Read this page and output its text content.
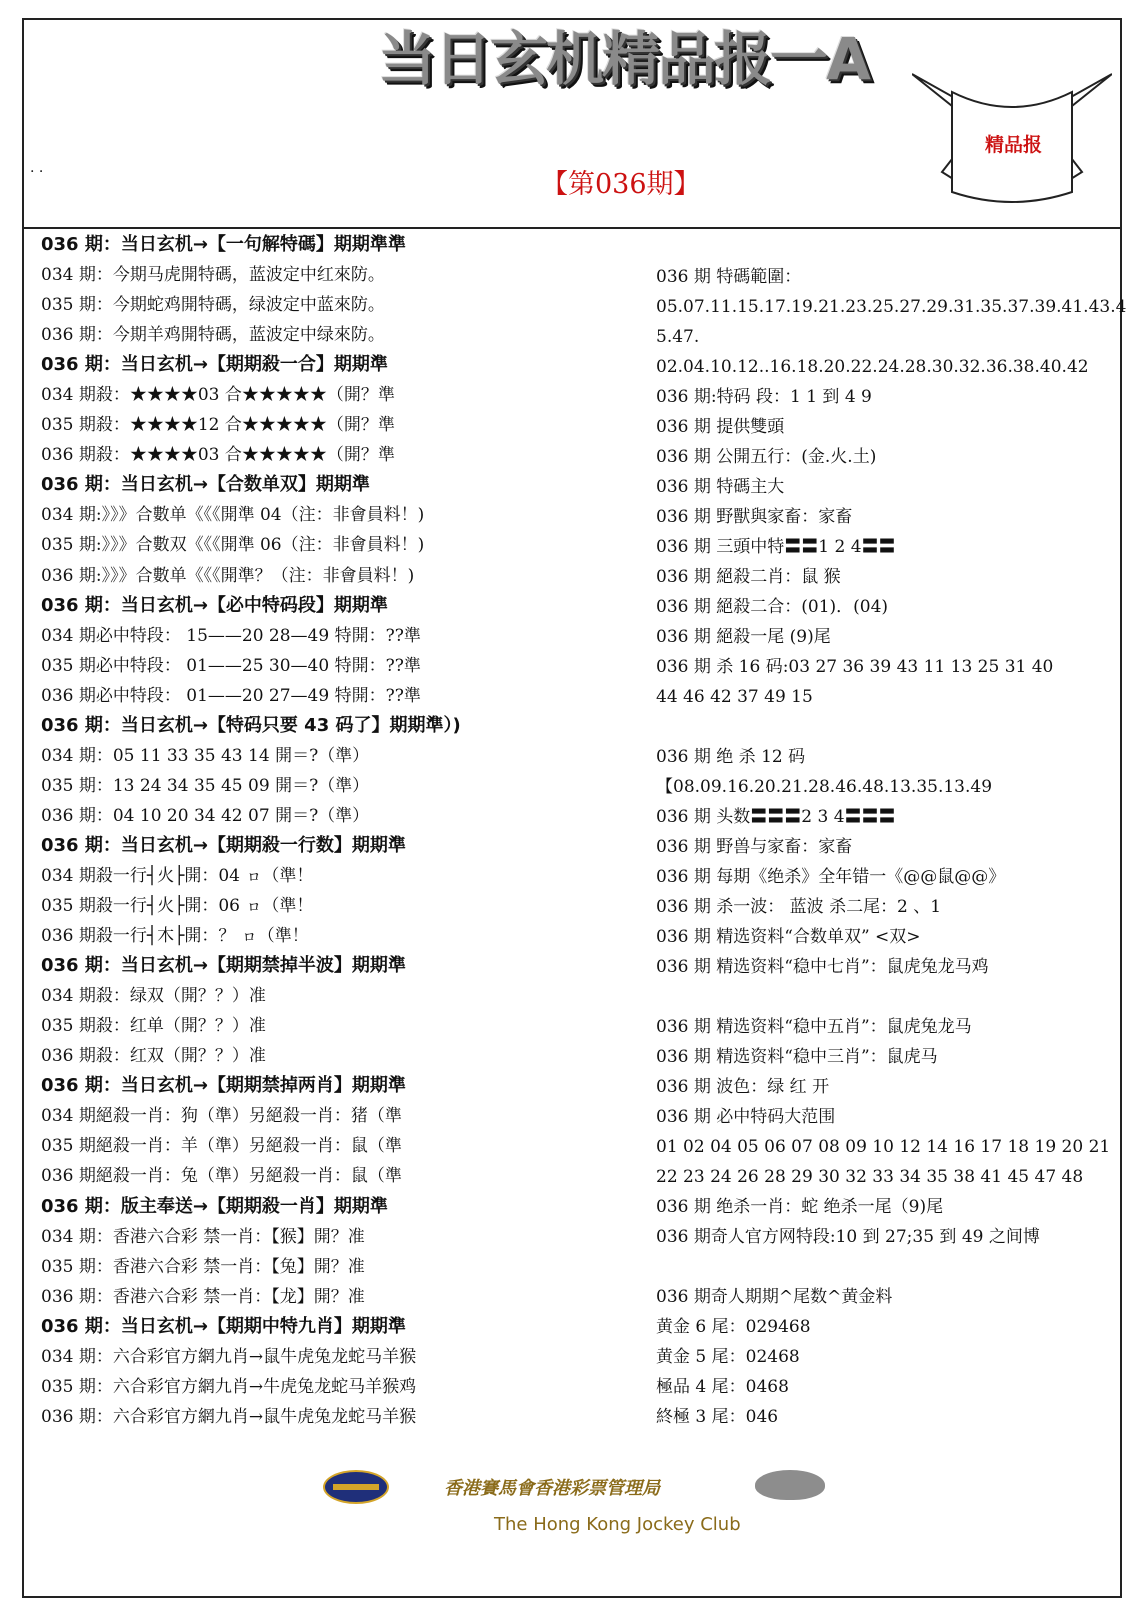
. .
当日玄机精品报一A
精品报
【第036期】
036 期：当日玄机→【一句解特碼】期期準準
034 期：今期马虎開特碼，蓝波定中红來防。
035 期：今期蛇鸡開特碼，绿波定中蓝來防。
036 期：今期羊鸡開特碼，蓝波定中绿來防。
036 期：当日玄机→【期期殺一合】期期準
034 期殺：★★★★03 合★★★★★（開？準
035 期殺：★★★★12 合★★★★★（開？準
036 期殺：★★★★03 合★★★★★（開？準
036 期：当日玄机→【合数单双】期期準
034 期:》》》合數单《《《開準 04（注：非會員料！)
035 期:》》》合數双《《《開準 06（注：非會員料！)
036 期:》》》合數单《《《開準？（注：非會員料！)
036 期：当日玄机→【必中特码段】期期準
034 期必中特段： 15——20 28—49 特開：??準
035 期必中特段： 01——25 30—40 特開：??準
036 期必中特段： 01——20 27—49 特開：??準
036 期：当日玄机→【特码只要 43 码了】期期準）)
034 期：05 11 33 35 43 14 開＝?（準）
035 期：13 24 34 35 45 09 開＝?（準）
036 期：04 10 20 34 42 07 開＝?（準）
036 期：当日玄机→【期期殺一行数】期期準
034 期殺一行┤火├開：04 ㇿ（準！
035 期殺一行┤火├開：06 ㇿ（準！
036 期殺一行┤木├開：？ ㇿ（準！
036 期：当日玄机→【期期禁掉半波】期期準
034 期殺：绿双（開？？）准
035 期殺：红单（開？？）准
036 期殺：红双（開？？）准
036 期：当日玄机→【期期禁掉两肖】期期準
034 期絕殺一肖：狗（準）另絕殺一肖：猪（準
035 期絕殺一肖：羊（準）另絕殺一肖：鼠（準
036 期絕殺一肖：兔（準）另絕殺一肖：鼠（準
036 期：版主奉送→【期期殺一肖】期期準
034 期：香港六合彩 禁一肖：【猴】開？准
035 期：香港六合彩 禁一肖：【兔】開？准
036 期：香港六合彩 禁一肖：【龙】開？准
036 期：当日玄机→【期期中特九肖】期期準
034 期：六合彩官方網九肖→鼠牛虎兔龙蛇马羊猴
035 期：六合彩官方網九肖→牛虎兔龙蛇马羊猴鸡
036 期：六合彩官方網九肖→鼠牛虎兔龙蛇马羊猴
036 期 特碼範圍：
05.07.11.15.17.19.21.23.25.27.29.31.35.37.39.41.43.4
5.47.
02.04.10.12..16.18.20.22.24.28.30.32.36.38.40.42
036 期:特码 段：1 1 到 4 9
036 期 提供雙頭
036 期 公開五行：(金.火.土)
036 期 特碼主大
036 期 野獸與家畜：家畜
036 期 三頭中特〓〓1 2 4〓〓
036 期 絕殺二肖：鼠 猴
036 期 絕殺二合：(01)．(04)
036 期 絕殺一尾 (9)尾
036 期 杀 16 码:03 27 36 39 43 11 13 25 31 40
44 46 42 37 49 15
036 期 绝 杀 12 码
【08.09.16.20.21.28.46.48.13.35.13.49
036 期 头数〓〓〓2 3 4〓〓〓
036 期 野兽与家畜：家畜
036 期 每期《绝杀》全年错一《@@鼠@@》
036 期 杀一波： 蓝波 杀二尾：2 、1
036 期 精选资料“合数单双” <双>
036 期 精选资料“稳中七肖”：鼠虎兔龙马鸡
036 期 精选资料“稳中五肖”：鼠虎兔龙马
036 期 精选资料“稳中三肖”：鼠虎马
036 期 波色：绿 红 开
036 期 必中特码大范围
01 02 04 05 06 07 08 09 10 12 14 16 17 18 19 20 21
22 23 24 26 28 29 30 32 33 34 35 38 41 45 47 48
036 期 绝杀一肖：蛇 绝杀一尾（9)尾
036 期奇人官方网特段:10 到 27;35 到 49 之间博
036 期奇人期期^尾数^黄金料
黄金 6 尾：029468
黄金 5 尾：02468
極品 4 尾：0468
終極 3 尾：046
香港賽馬會香港彩票管理局
The Hong Kong Jockey Club
